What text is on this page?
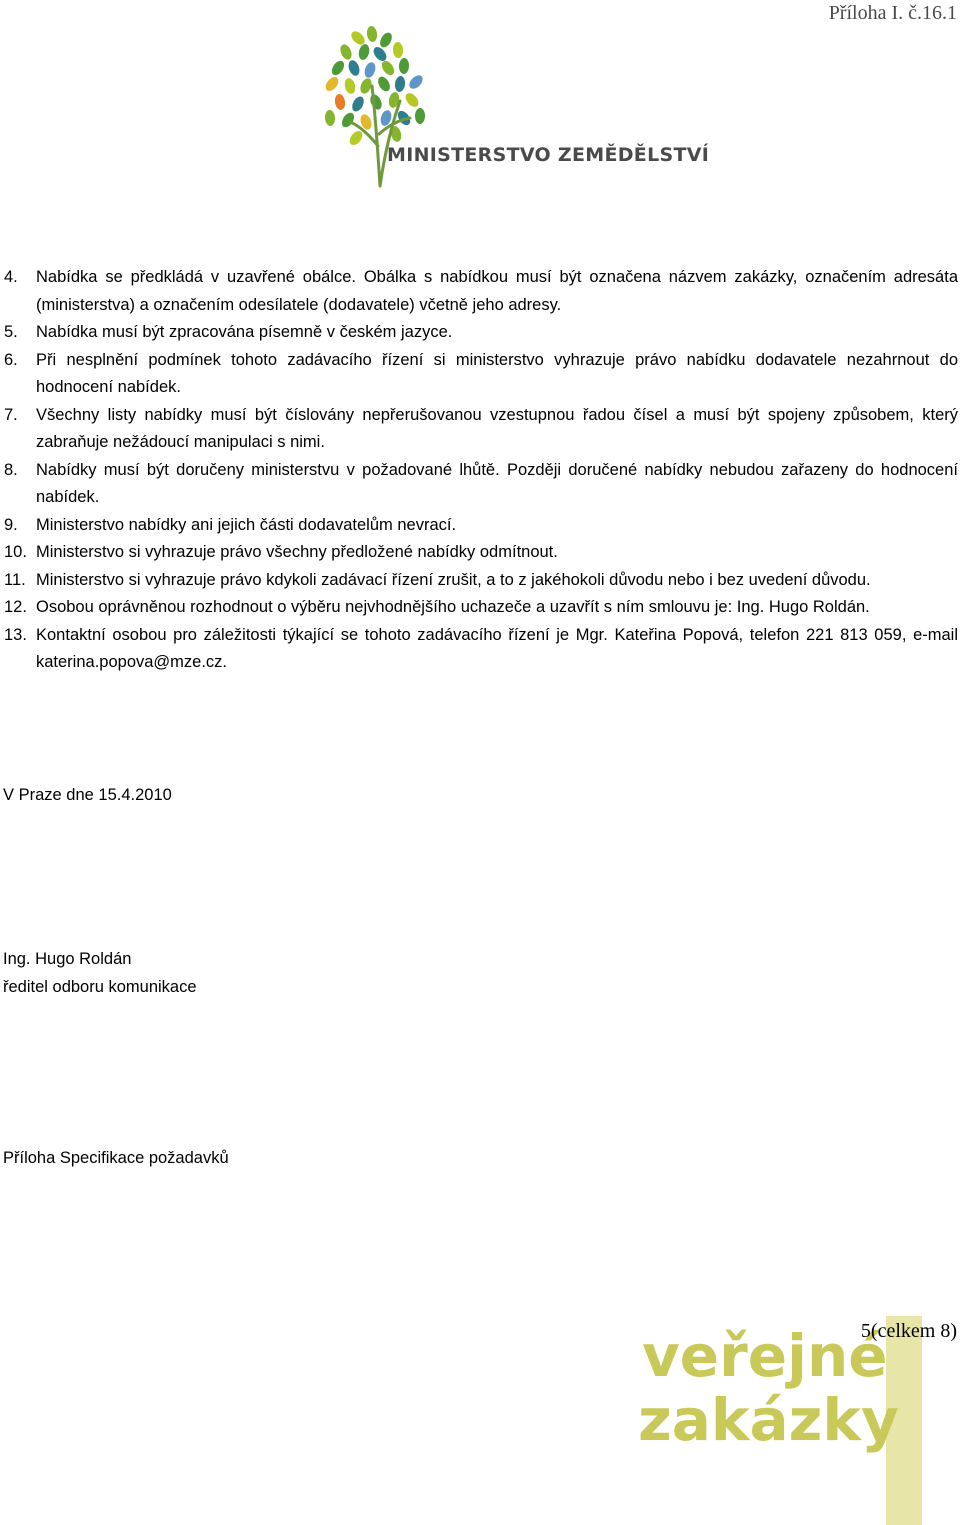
Příloha I. č.16.1
MINISTERSTVO ZEMĚDĚLSTVÍ
4. Nabídka se předkládá v uzavřené obálce. Obálka s nabídkou musí být označena názvem zakázky, označením adresáta (ministerstva) a označením odesílatele (dodavatele) včetně jeho adresy.
5. Nabídka musí být zpracována písemně v českém jazyce.
6. Při nesplnění podmínek tohoto zadávacího řízení si ministerstvo vyhrazuje právo nabídku dodavatele nezahrnout do hodnocení nabídek.
7. Všechny listy nabídky musí být číslovány nepřerušovanou vzestupnou řadou čísel a musí být spojeny způsobem, který zabraňuje nežádoucí manipulaci s nimi.
8. Nabídky musí být doručeny ministerstvu v požadované lhůtě. Později doručené nabídky nebudou zařazeny do hodnocení nabídek.
9. Ministerstvo nabídky ani jejich části dodavatelům nevrací.
10. Ministerstvo si vyhrazuje právo všechny předložené nabídky odmítnout.
11. Ministerstvo si vyhrazuje právo kdykoli zadávací řízení zrušit, a to z jakéhokoli důvodu nebo i bez uvedení důvodu.
12. Osobou oprávněnou rozhodnout o výběru nejvhodnějšího uchazeče a uzavřít s ním smlouvu je: Ing. Hugo Roldán.
13. Kontaktní osobou pro záležitosti týkající se tohoto zadávacího řízení je Mgr. Kateřina Popová, telefon 221 813 059, e-mail katerina.popova@mze.cz.
V Praze dne 15.4.2010
Ing. Hugo Roldán
ředitel odboru komunikace
Příloha Specifikace požadavků
veřejné
zakázky
5(celkem 8)
